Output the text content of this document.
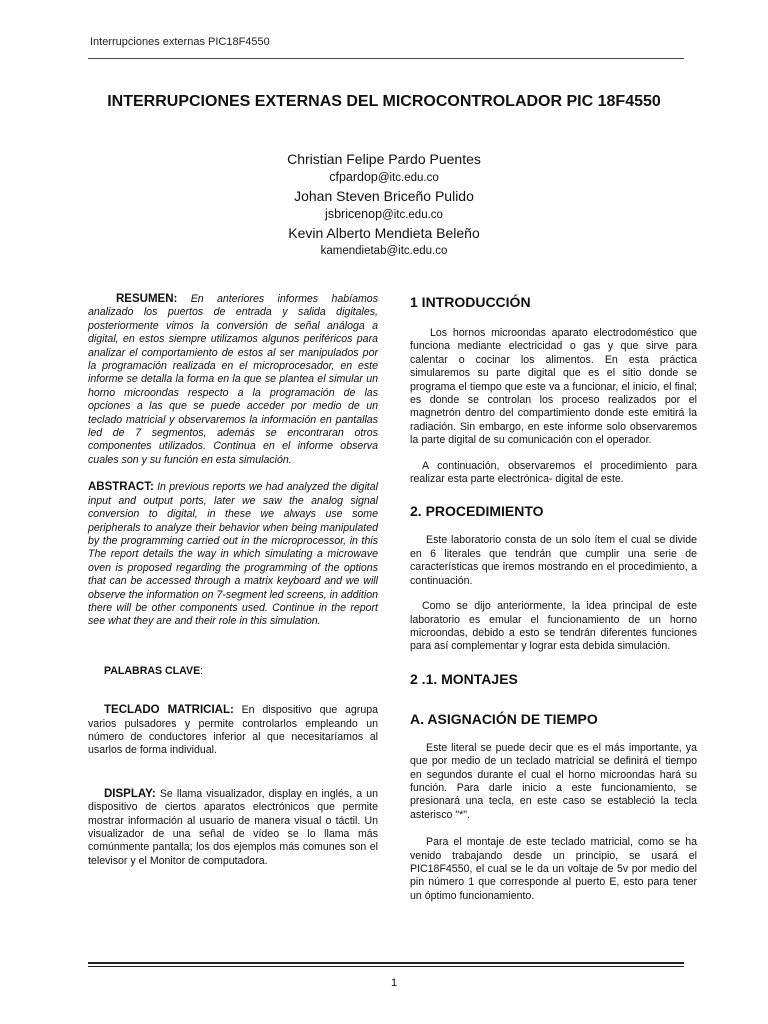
Interrupciones externas PIC18F4550
INTERRUPCIONES EXTERNAS DEL MICROCONTROLADOR PIC 18F4550
Christian Felipe Pardo Puentes
cfpardop@itc.edu.co
Johan Steven Briceño Pulido
jsbricenop@itc.edu.co
Kevin Alberto Mendieta Beleño
kamendietab@itc.edu.co

RESUMEN: En anteriores informes habíamos analizado los puertos de entrada y salida digitales, posteriormente vimos la conversión de señal análoga a digital, en estos siempre utilizamos algunos periféricos para analizar el comportamiento de estos al ser manipulados por la programación realizada en el microprocesador, en este informe se detalla la forma en la que se plantea el simular un horno microondas respecto a la programación de las opciones a las que se puede acceder por medio de un teclado matricial y observaremos la información en pantallas led de 7 segmentos, además se encontraran otros componentes utilizados. Continua en el informe observa cuales son y su función en esta simulación.

ABSTRACT: In previous reports we had analyzed the digital input and output ports, later we saw the analog signal conversion to digital, in these we always use some peripherals to analyze their behavior when being manipulated by the programming carried out in the microprocessor, in this The report details the way in which simulating a microwave oven is proposed regarding the programming of the options that can be accessed through a matrix keyboard and we will observe the information on 7-segment led screens, in addition there will be other components used. Continue in the report see what they are and their role in this simulation.

PALABRAS CLAVE:

TECLADO MATRICIAL: En dispositivo que agrupa varios pulsadores y permite controlarlos empleando un número de conductores inferior al que necesitaríamos al usarlos de forma individual.

DISPLAY: Se llama visualizador, display en inglés, a un dispositivo de ciertos aparatos electrónicos que permite mostrar información al usuario de manera visual o táctil. Un visualizador de una señal de vídeo se lo llama más comúnmente pantalla; los dos ejemplos más comunes son el televisor y el Monitor de computadora.

1 INTRODUCCIÓN

Los hornos microondas aparato electrodoméstico que funciona mediante electricidad o gas y que sirve para calentar o cocinar los alimentos. En esta práctica simularemos su parte digital que es el sitio donde se programa el tiempo que este va a funcionar, el inicio, el final; es donde se controlan los proceso realizados por el magnetrón dentro del compartimiento donde este emitirá la radiación. Sin embargo, en este informe solo observaremos la parte digital de su comunicación con el operador.

A continuación, observaremos el procedimiento para realizar esta parte electrónica- digital de este.

2. PROCEDIMIENTO

Este laboratorio consta de un solo ítem el cual se divide en 6 literales que tendrán que cumplir una serie de características que iremos mostrando en el procedimiento, a continuación.

Como se dijo anteriormente, la idea principal de este laboratorio es emular el funcionamiento de un horno microondas, debido a esto se tendrán diferentes funciones para así complementar y lograr esta debida simulación.

2 .1. MONTAJES
A. ASIGNACIÓN DE TIEMPO

Este literal se puede decir que es el más importante, ya que por medio de un teclado matricial se definirá el tiempo en segundos durante el cual el horno microondas hará su función. Para darle inicio a este funcionamiento, se presionará una tecla, en este caso se estableció la tecla asterisco "*".

Para el montaje de este teclado matricial, como se ha venido trabajando desde un principio, se usará el PIC18F4550, el cual se le da un voltaje de 5v por medio del pin número 1 que corresponde al puerto E, esto para tener un óptimo funcionamiento.

1
